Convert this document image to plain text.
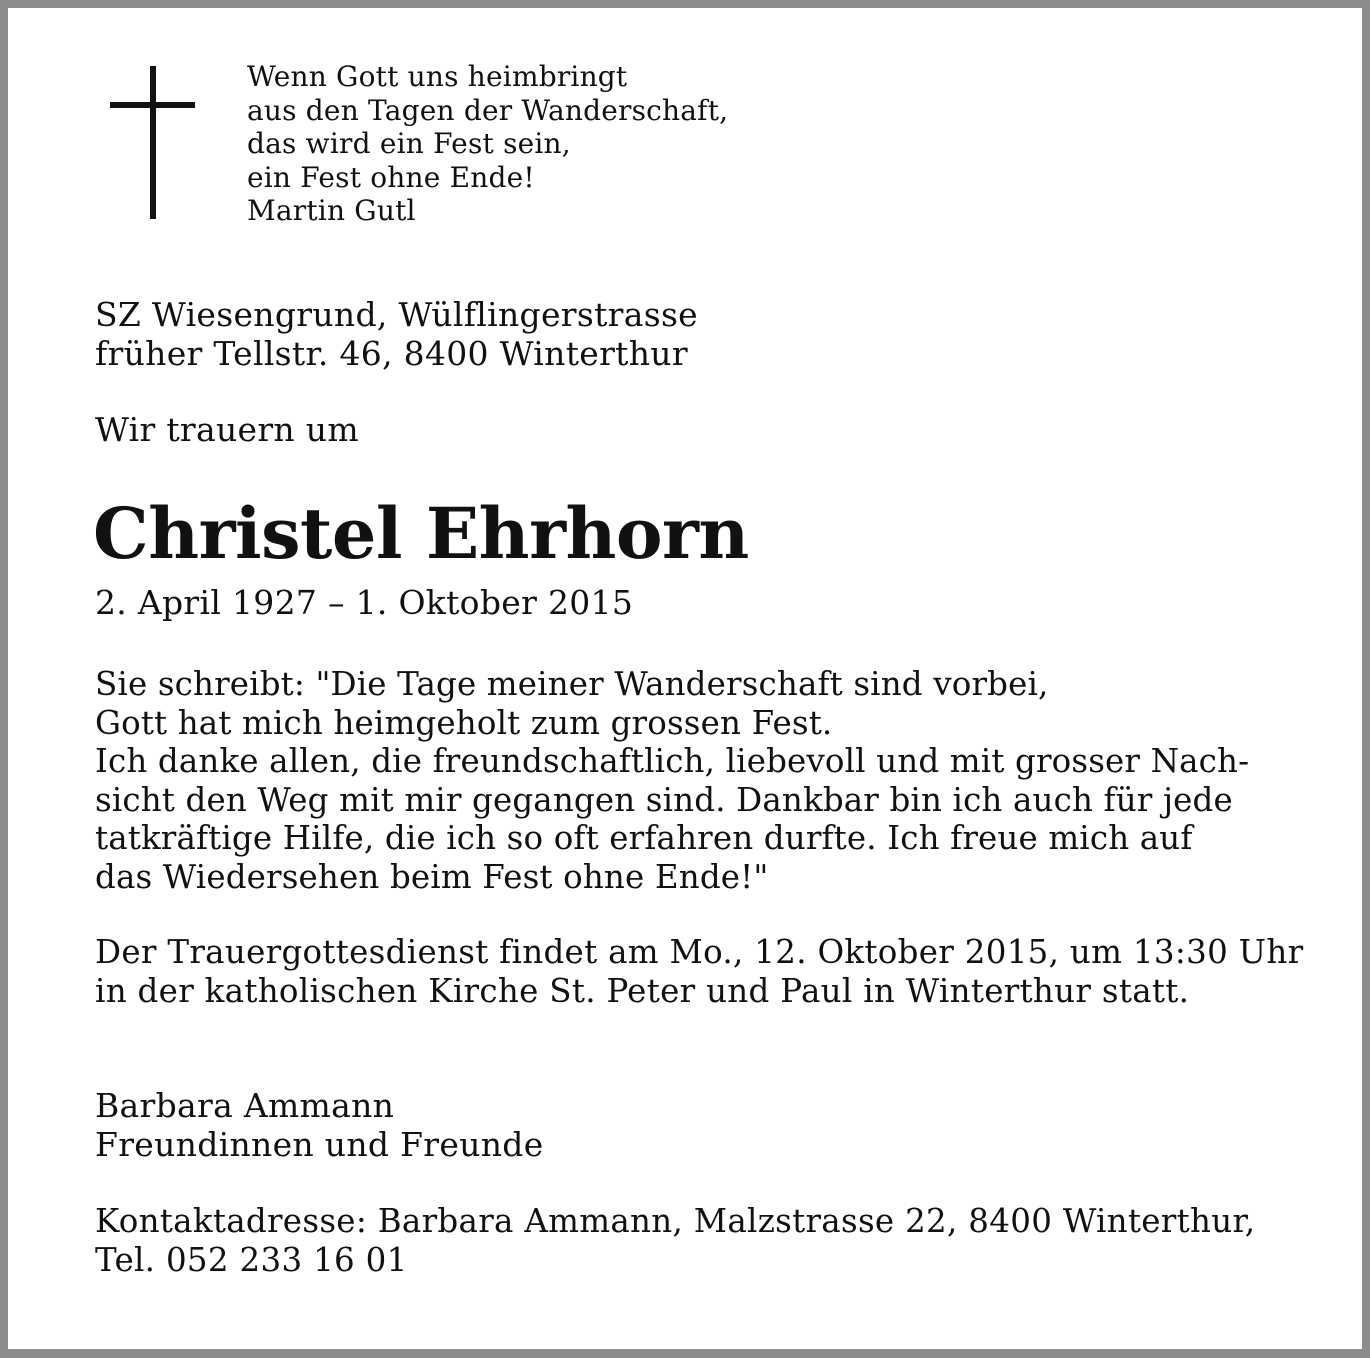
Wenn Gott uns heimbringt
aus den Tagen der Wanderschaft,
das wird ein Fest sein,
ein Fest ohne Ende!
Martin Gutl
SZ Wiesengrund, Wülflingerstrasse
früher Tellstr. 46, 8400 Winterthur
Wir trauern um
Christel Ehrhorn
2. April 1927 – 1. Oktober 2015
Sie schreibt: "Die Tage meiner Wanderschaft sind vorbei,
Gott hat mich heimgeholt zum grossen Fest.
Ich danke allen, die freundschaftlich, liebevoll und mit grosser Nach-
sicht den Weg mit mir gegangen sind. Dankbar bin ich auch für jede
tatkräftige Hilfe, die ich so oft erfahren durfte. Ich freue mich auf
das Wiedersehen beim Fest ohne Ende!"
Der Trauergottesdienst findet am Mo., 12. Oktober 2015, um 13:30 Uhr
in der katholischen Kirche St. Peter und Paul in Winterthur statt.
Barbara Ammann
Freundinnen und Freunde
Kontaktadresse: Barbara Ammann, Malzstrasse 22, 8400 Winterthur,
Tel. 052 233 16 01
